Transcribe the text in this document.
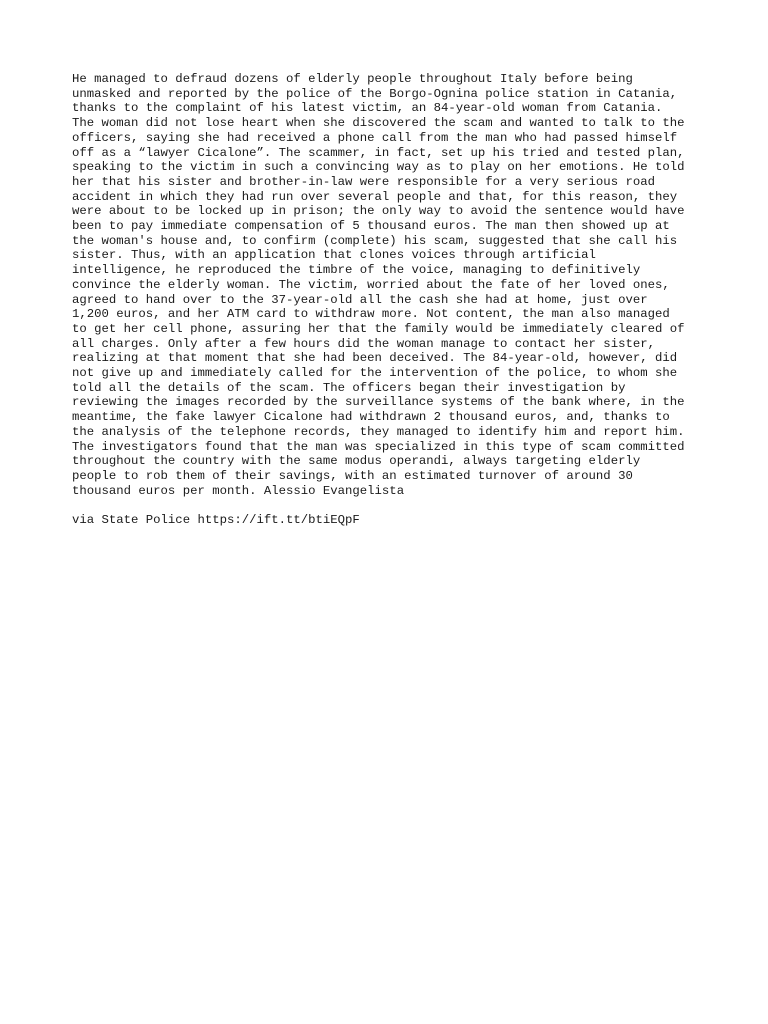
He managed to defraud dozens of elderly people throughout Italy before being
unmasked and reported by the police of the Borgo-Ognina police station in Catania,
thanks to the complaint of his latest victim, an 84-year-old woman from Catania.
The woman did not lose heart when she discovered the scam and wanted to talk to the
officers, saying she had received a phone call from the man who had passed himself
off as a “lawyer Cicalone”. The scammer, in fact, set up his tried and tested plan,
speaking to the victim in such a convincing way as to play on her emotions. He told
her that his sister and brother-in-law were responsible for a very serious road
accident in which they had run over several people and that, for this reason, they
were about to be locked up in prison; the only way to avoid the sentence would have
been to pay immediate compensation of 5 thousand euros. The man then showed up at
the woman's house and, to confirm (complete) his scam, suggested that she call his
sister. Thus, with an application that clones voices through artificial
intelligence, he reproduced the timbre of the voice, managing to definitively
convince the elderly woman. The victim, worried about the fate of her loved ones,
agreed to hand over to the 37-year-old all the cash she had at home, just over
1,200 euros, and her ATM card to withdraw more. Not content, the man also managed
to get her cell phone, assuring her that the family would be immediately cleared of
all charges. Only after a few hours did the woman manage to contact her sister,
realizing at that moment that she had been deceived. The 84-year-old, however, did
not give up and immediately called for the intervention of the police, to whom she
told all the details of the scam. The officers began their investigation by
reviewing the images recorded by the surveillance systems of the bank where, in the
meantime, the fake lawyer Cicalone had withdrawn 2 thousand euros, and, thanks to
the analysis of the telephone records, they managed to identify him and report him.
The investigators found that the man was specialized in this type of scam committed
throughout the country with the same modus operandi, always targeting elderly
people to rob them of their savings, with an estimated turnover of around 30
thousand euros per month. Alessio Evangelista

via State Police https://ift.tt/btiEQpF
